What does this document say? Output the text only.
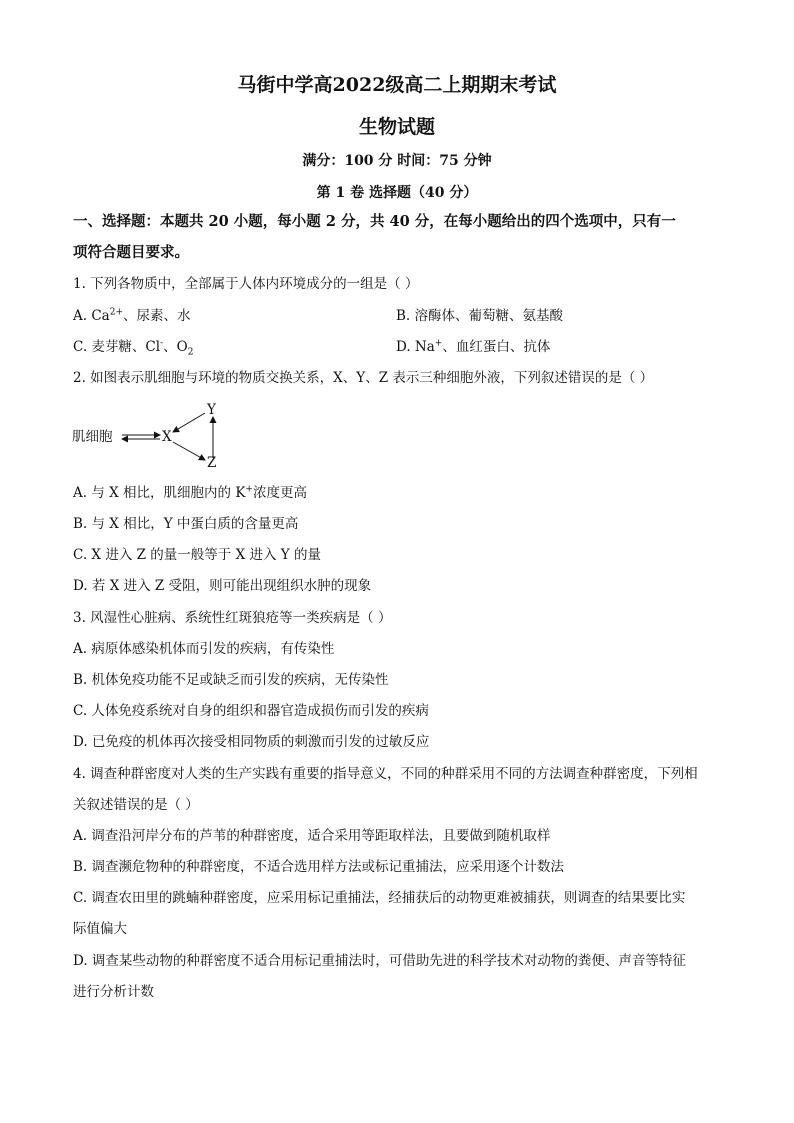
马街中学高2022级高二上期期末考试
生物试题
满分：100 分 时间：75 分钟
第 1 卷 选择题（40 分）
一、选择题：本题共 20 小题，每小题 2 分，共 40 分，在每小题给出的四个选项中，只有一
项符合题目要求。
1. 下列各物质中，全部属于人体内环境成分的一组是（ ）
A. $Ca^{2+}$、尿素、水	B. 溶酶体、葡萄糖、氨基酸
C. 麦芽糖、Cl-、$O_2$	D. Na+、血红蛋白、抗体
2. 如图表示肌细胞与环境的物质交换关系，X、Y、Z 表示三种细胞外液，下列叙述错误的是（ ）
肌细胞	X
Y
Z
A. 与 X 相比，肌细胞内的 K+浓度更高
B. 与 X 相比，Y 中蛋白质的含量更高
C. X 进入 Z 的量一般等于 X 进入 Y 的量
D. 若 X 进入 Z 受阻，则可能出现组织水肿的现象
3. 风湿性心脏病、系统性红斑狼疮等一类疾病是（ ）
A. 病原体感染机体而引发的疾病，有传染性
B. 机体免疫功能不足或缺乏而引发的疾病，无传染性
C. 人体免疫系统对自身的组织和器官造成损伤而引发的疾病
D. 已免疫的机体再次接受相同物质的刺激而引发的过敏反应
4. 调查种群密度对人类的生产实践有重要的指导意义，不同的种群采用不同的方法调查种群密度，下列相
关叙述错误的是（ ）
A. 调查沿河岸分布的芦苇的种群密度，适合采用等距取样法，且要做到随机取样
B. 调查濒危物种的种群密度，不适合选用样方法或标记重捕法，应采用逐个计数法
C. 调查农田里的跳蝻种群密度，应采用标记重捕法，经捕获后的动物更难被捕获，则调查的结果要比实
际值偏大
D. 调查某些动物的种群密度不适合用标记重捕法时，可借助先进的科学技术对动物的粪便、声音等特征
进行分析计数
